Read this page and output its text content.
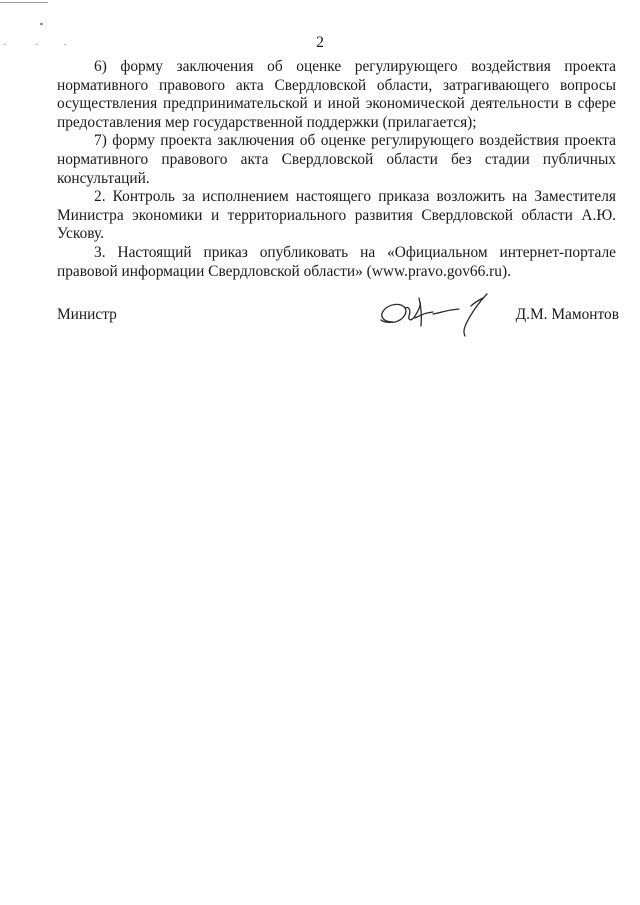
2

6) форму заключения об оценке регулирующего воздействия проекта нормативного правового акта Свердловской области, затрагивающего вопросы осуществления предпринимательской и иной экономической деятельности в сфере предоставления мер государственной поддержки (прилагается);

7) форму проекта заключения об оценке регулирующего воздействия проекта нормативного правового акта Свердловской области без стадии публичных консультаций.

2. Контроль за исполнением настоящего приказа возложить на Заместителя Министра экономики и территориального развития Свердловской области А.Ю. Ускову.

3. Настоящий приказ опубликовать на «Официальном интернет-портале правовой информации Свердловской области» (www.pravo.gov66.ru).

Министр	Д.М. Мамонтов
